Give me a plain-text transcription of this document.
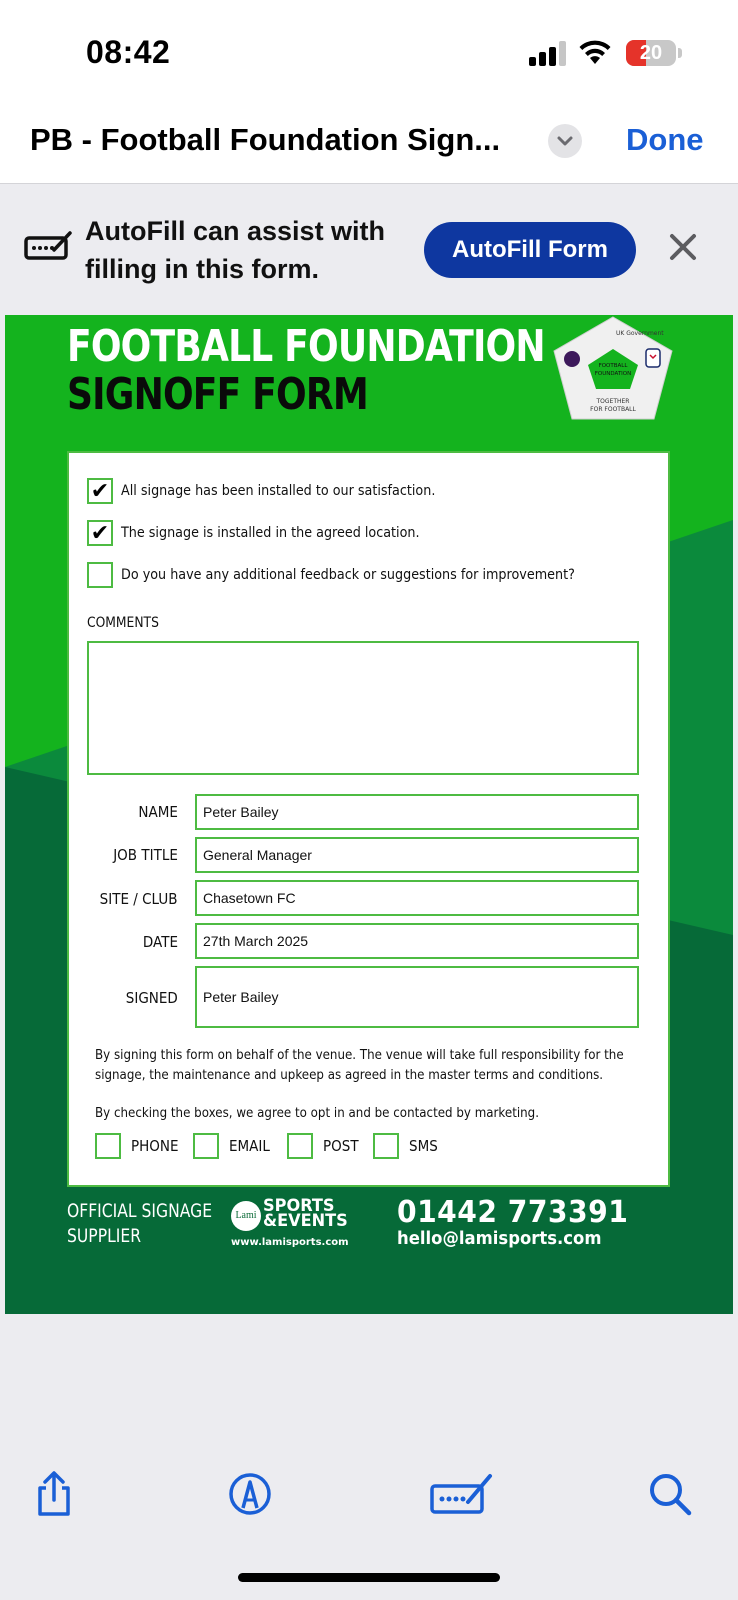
08:42	20
PB - Football Foundation Sign...	Done
AutoFill can assist with filling in this form.
AutoFill Form
FOOTBALL FOUNDATION
SIGNOFF FORM
UK Government
FOOTBALL
FOUNDATION
TOGETHER
FOR FOOTBALL
✔ All signage has been installed to our satisfaction.
✔ The signage is installed in the agreed location.
Do you have any additional feedback or suggestions for improvement?
COMMENTS
NAME	Peter Bailey
JOB TITLE	General Manager
SITE / CLUB	Chasetown FC
DATE	27th March 2025
SIGNED	Peter Bailey
By signing this form on behalf of the venue. The venue will take full responsibility for the signage, the maintenance and upkeep as agreed in the master terms and conditions.
By checking the boxes, we agree to opt in and be contacted by marketing.
PHONE	EMAIL	POST	SMS
OFFICIAL SIGNAGE
SUPPLIER
Lami SPORTS
&EVENTS
www.lamisports.com
01442 773391
hello@lamisports.com
